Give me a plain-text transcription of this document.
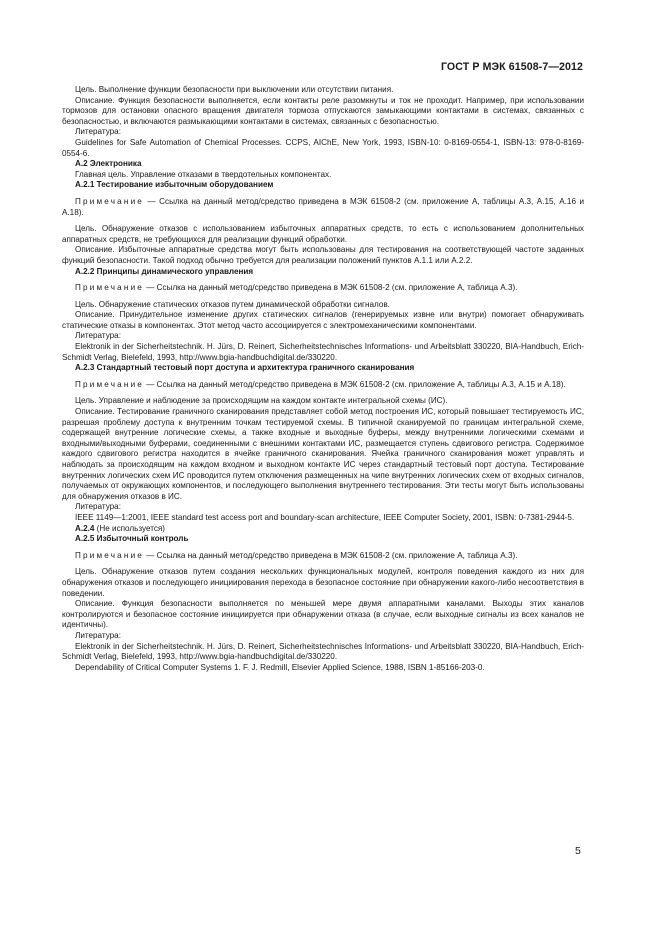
ГОСТ Р МЭК 61508-7—2012

Цель. Выполнение функции безопасности при выключении или отсутствии питания.

Описание. Функция безопасности выполняется, если контакты реле разомкнуты и ток не проходит. Например, при использовании тормозов для остановки опасного вращения двигателя тормоза отпускаются замыкающими контактами в системах, связанных с безопасностью, и включаются размыкающими контактами в системах, связанных с безопасностью.

Литература:

Guidelines for Safe Automation of Chemical Processes. CCPS, AIChE, New York, 1993, ISBN-10: 0-8169-0554-1, ISBN-13: 978-0-8169-0554-6.

А.2 Электроника

Главная цель. Управление отказами в твердотельных компонентах.

А.2.1 Тестирование избыточным оборудованием

Примечание — Ссылка на данный метод/средство приведена в МЭК 61508-2 (см. приложение А, таблицы А.3, А.15, А.16 и А.18).

Цель. Обнаружение отказов с использованием избыточных аппаратных средств, то есть с использованием дополнительных аппаратных средств, не требующихся для реализации функций обработки.

Описание. Избыточные аппаратные средства могут быть использованы для тестирования на соответствующей частоте заданных функций безопасности. Такой подход обычно требуется для реализации положений пунктов А.1.1 или А.2.2.

А.2.2 Принципы динамического управления

Примечание — Ссылка на данный метод/средство приведена в МЭК 61508-2 (см. приложение А, таблица А.3).

Цель. Обнаружение статических отказов путем динамической обработки сигналов.

Описание. Принудительное изменение других статических сигналов (генерируемых извне или внутри) помогает обнаруживать статические отказы в компонентах. Этот метод часто ассоциируется с электромеханическими компонентами.

Литература:

Elektronik in der Sicherheitstechnik. H. Jürs, D. Reinert, Sicherheitstechnisches Informations- und Arbeitsblatt 330220, BIA-Handbuch, Erich-Schmidt Verlag, Bielefeld, 1993, http://www.bgia-handbuchdigital.de/330220.

А.2.3 Стандартный тестовый порт доступа и архитектура граничного сканирования

Примечание — Ссылка на данный метод/средство приведена в МЭК 61508-2 (см. приложение А, таблицы А.3, А.15 и А.18).

Цель. Управление и наблюдение за происходящим на каждом контакте интегральной схемы (ИС).

Описание. Тестирование граничного сканирования представляет собой метод построения ИС, который повышает тестируемость ИС, разрешая проблему доступа к внутренним точкам тестируемой схемы. В типичной сканируемой по границам интегральной схеме, содержащей внутренние логические схемы, а также входные и выходные буферы, между внутренними логическими схемами и входными/выходными буферами, соединенными с внешними контактами ИС, размещается ступень сдвигового регистра. Содержимое каждого сдвигового регистра находится в ячейке граничного сканирования. Ячейка граничного сканирования может управлять и наблюдать за происходящим на каждом входном и выходном контакте ИС через стандартный тестовый порт доступа. Тестирование внутренних логических схем ИС проводится путем отключения размещенных на чипе внутренних логических схем от входных сигналов, получаемых от окружающих компонентов, и последующего выполнения внутреннего тестирования. Эти тесты могут быть использованы для обнаружения отказов в ИС.

Литература:

IEEE 1149—1:2001, IEEE standard test access port and boundary-scan architecture, IEEE Computer Society, 2001, ISBN: 0-7381-2944-5.

А.2.4 (Не используется)

А.2.5 Избыточный контроль

Примечание — Ссылка на данный метод/средство приведена в МЭК 61508-2 (см. приложение А, таблица А.3).

Цель. Обнаружение отказов путем создания нескольких функциональных модулей, контроля поведения каждого из них для обнаружения отказов и последующего инициирования перехода в безопасное состояние при обнаружении какого-либо несоответствия в поведении.

Описание. Функция безопасности выполняется по меньшей мере двумя аппаратными каналами. Выходы этих каналов контролируются и безопасное состояние инициируется при обнаружении отказа (в случае, если выходные сигналы из всех каналов не идентичны).

Литература:

Elektronik in der Sicherheitstechnik. H. Jürs, D. Reinert, Sicherheitstechnisches Informations- und Arbeitsblatt 330220, BIA-Handbuch, Erich-Schmidt Verlag, Bielefeld, 1993, http://www.bgia-handbuchdigital.de/330220.

Dependability of Critical Computer Systems 1. F. J. Redmill, Elsevier Applied Science, 1988, ISBN 1-85166-203-0.

5
